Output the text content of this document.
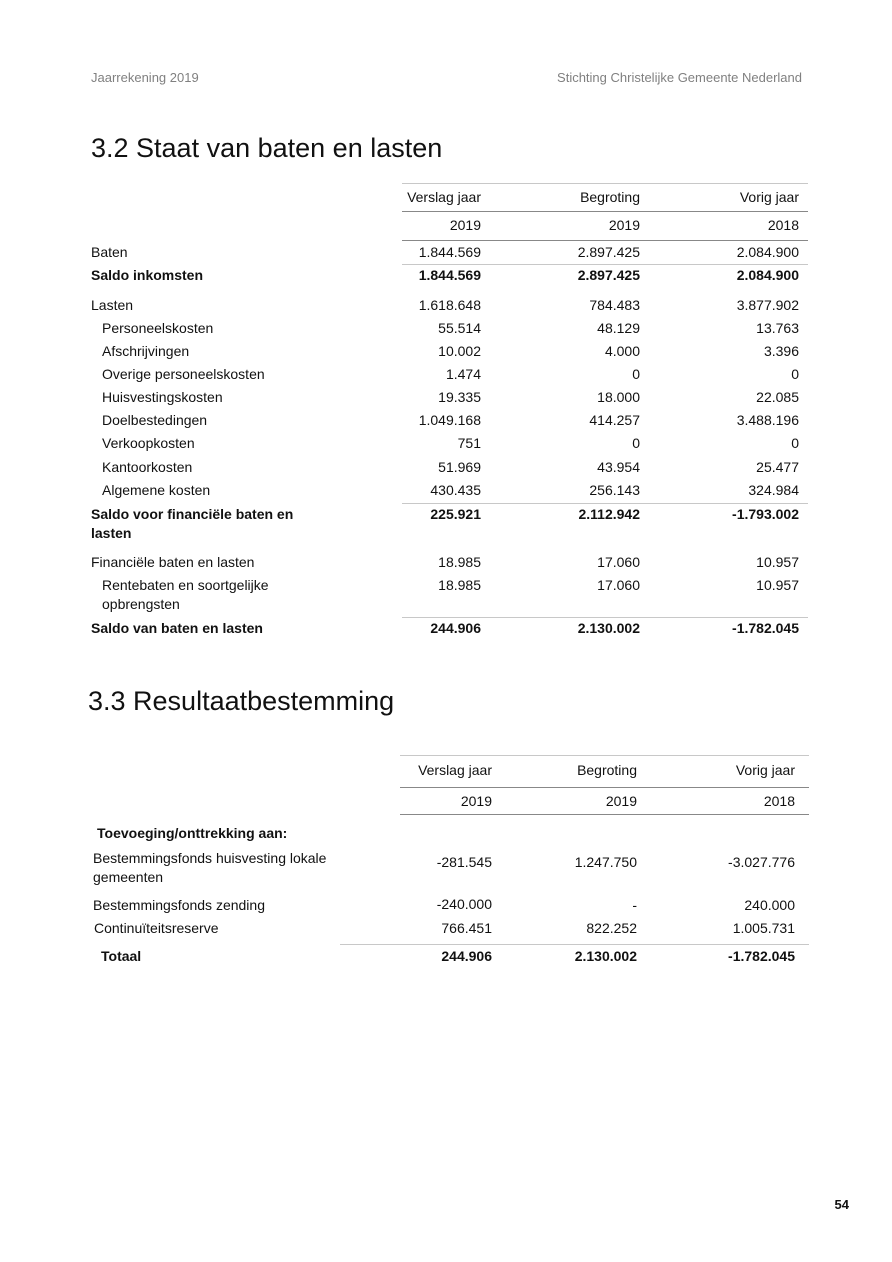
Jaarrekening 2019	Stichting Christelijke Gemeente Nederland
3.2 Staat van baten en lasten
Verslag jaar	Begroting	Vorig jaar
2019	2019	2018
Baten	1.844.569	2.897.425	2.084.900
Saldo inkomsten	1.844.569	2.897.425	2.084.900
Lasten	1.618.648	784.483	3.877.902
Personeelskosten	55.514	48.129	13.763
Afschrijvingen	10.002	4.000	3.396
Overige personeelskosten	1.474	0	0
Huisvestingskosten	19.335	18.000	22.085
Doelbestedingen	1.049.168	414.257	3.488.196
Verkoopkosten	751	0	0
Kantoorkosten	51.969	43.954	25.477
Algemene kosten	430.435	256.143	324.984
Saldo voor financiële baten en
lasten
225.921	2.112.942	-1.793.002
Financiële baten en lasten	18.985	17.060	10.957
Rentebaten en soortgelijke
opbrengsten
18.985	17.060	10.957
Saldo van baten en lasten	244.906	2.130.002	-1.782.045
3.3 Resultaatbestemming
Verslag jaar	Begroting	Vorig jaar
2019	2019	2018
Toevoeging/onttrekking aan:
Bestemmingsfonds huisvesting lokale
gemeenten
-281.545	1.247.750	-3.027.776
Bestemmingsfonds zending	-240.000	-	240.000
Continuïteitsreserve	766.451	822.252	1.005.731
Totaal	244.906	2.130.002	-1.782.045
54
